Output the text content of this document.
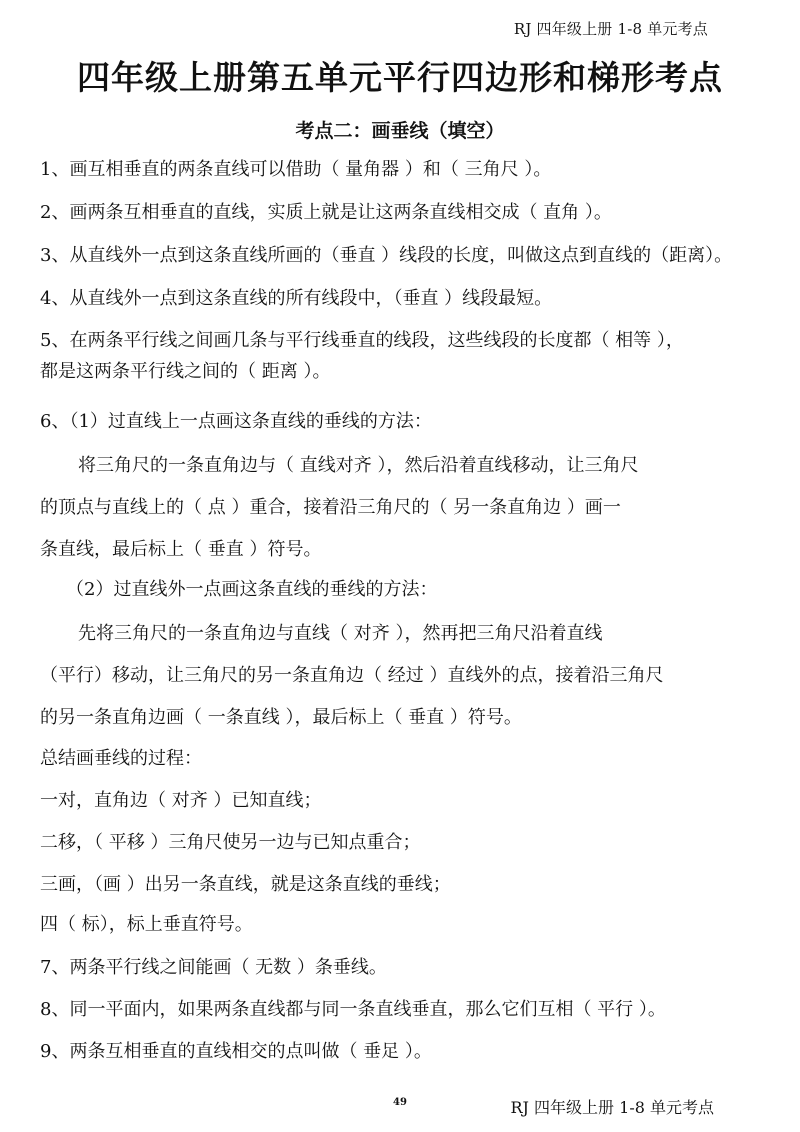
RJ 四年级上册 1-8 单元考点
四年级上册第五单元平行四边形和梯形考点
考点二：画垂线（填空）
1、画互相垂直的两条直线可以借助（ 量角器 ）和（ 三角尺 ）。
2、画两条互相垂直的直线，实质上就是让这两条直线相交成（ 直角 ）。
3、从直线外一点到这条直线所画的（垂直 ）线段的长度，叫做这点到直线的（距离）。
4、从直线外一点到这条直线的所有线段中，（垂直 ）线段最短。
5、在两条平行线之间画几条与平行线垂直的线段，这些线段的长度都（ 相等 ），
都是这两条平行线之间的（ 距离 ）。
6、（1）过直线上一点画这条直线的垂线的方法：
将三角尺的一条直角边与（ 直线对齐 ），然后沿着直线移动，让三角尺
的顶点与直线上的（ 点 ）重合，接着沿三角尺的（ 另一条直角边 ）画一
条直线，最后标上（ 垂直 ）符号。
（2）过直线外一点画这条直线的垂线的方法：
先将三角尺的一条直角边与直线（ 对齐 ），然再把三角尺沿着直线
（平行）移动，让三角尺的另一条直角边（ 经过 ）直线外的点，接着沿三角尺
的另一条直角边画（ 一条直线 ），最后标上（ 垂直 ）符号。
总结画垂线的过程：
一对，直角边（ 对齐 ）已知直线；
二移，（ 平移 ）三角尺使另一边与已知点重合；
三画，（画 ）出另一条直线，就是这条直线的垂线；
四（ 标），标上垂直符号。
7、两条平行线之间能画（ 无数 ）条垂线。
8、同一平面内，如果两条直线都与同一条直线垂直，那么它们互相（ 平行 ）。
9、两条互相垂直的直线相交的点叫做（ 垂足 ）。
49	RJ 四年级上册 1-8 单元考点
